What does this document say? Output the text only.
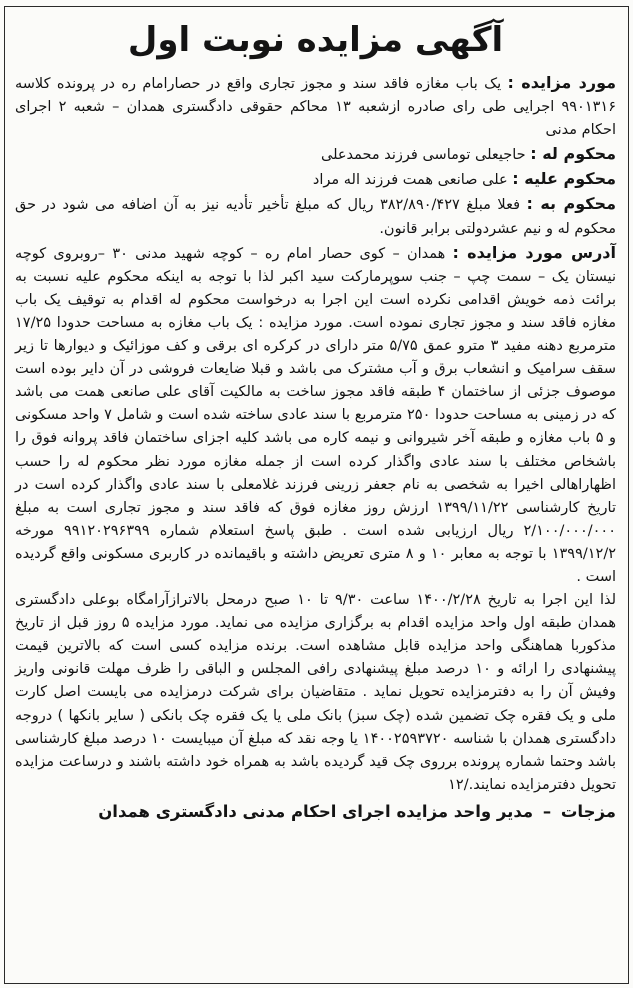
آگهی مزایده نوبت اول

مورد مزایده : یک باب مغازه فاقد سند و مجوز تجاری واقع در حصارامام ره در پرونده کلاسه ۹۹۰۱۳۱۶ اجرایی طی رای صادره ازشعبه ۱۳ محاکم حقوقی دادگستری همدان – شعبه ۲ اجرای احکام مدنی

محکوم له : حاجیعلی توماسی فرزند محمدعلی

محکوم علیه : علی صانعی همت فرزند اله مراد

محکوم به : فعلا مبلغ ۳۸۲/۸۹۰/۴۲۷ ریال که مبلغ تأخیر تأدیه نیز به آن اضافه می شود در حق محکوم له و نیم عشردولتی برابر قانون.

آدرس مورد مزایده : همدان – کوی حصار امام ره – کوچه شهید مدنی ۳۰ –روبروی کوچه نیستان یک – سمت چپ – جنب سوپرمارکت سید اکبر لذا با توجه به اینکه محکوم علیه نسبت به برائت ذمه خویش اقدامی نکرده است این اجرا به درخواست محکوم له اقدام به توقیف یک باب مغازه فاقد سند و مجوز تجاری نموده است. مورد مزایده : یک باب مغازه به مساحت حدودا ۱۷/۲۵ مترمربع دهنه مفید ۳ مترو عمق ۵/۷۵ متر دارای در کرکره ای برقی و کف موزائیک و دیوارها تا زیر سقف سرامیک و انشعاب برق و آب مشترک می باشد و قبلا ضایعات فروشی در آن دایر بوده است موصوف جزئی از ساختمان ۴ طبقه فاقد مجوز ساخت به مالکیت آقای علی صانعی همت می باشد که در زمینی به مساحت حدودا ۲۵۰ مترمربع با سند عادی ساخته شده است و شامل ۷ واحد مسکونی و ۵ باب مغازه و طبقه آخر شیروانی و نیمه کاره می باشد کلیه اجزای ساختمان فاقد پروانه فوق را باشخاص مختلف با سند عادی واگذار کرده است از جمله مغازه مورد نظر محکوم له را حسب اظهاراهالی اخیرا به شخصی به نام جعفر زرینی فرزند غلامعلی با سند عادی واگذار کرده است در تاریخ کارشناسی ۱۳۹۹/۱۱/۲۲ ارزش روز مغازه فوق که فاقد سند و مجوز تجاری است به مبلغ ۲/۱۰۰/۰۰۰/۰۰۰ ریال ارزیابی شده است . طبق پاسخ استعلام شماره ۹۹۱۲۰۲۹۶۳۹۹ مورخه ۱۳۹۹/۱۲/۲ با توجه به معابر ۱۰ و ۸ متری تعریض داشته و باقیمانده در کاربری مسکونی واقع گردیده است .

لذا این اجرا به تاریخ ۱۴۰۰/۲/۲۸ ساعت ۹/۳۰ تا ۱۰ صبح درمحل بالاترازآرامگاه بوعلی دادگستری همدان طبقه اول واحد مزایده اقدام به برگزاری مزایده می نماید. مورد مزایده ۵ روز قبل از تاریخ مذکوربا هماهنگی واحد مزایده قابل مشاهده است. برنده مزایده کسی است که بالاترین قیمت پیشنهادی را ارائه و ۱۰ درصد مبلغ پیشنهادی رافی المجلس و الباقی را ظرف مهلت قانونی واریز وفیش آن را به دفترمزایده تحویل نماید . متقاضیان برای شرکت درمزایده می بایست اصل کارت ملی و یک فقره چک تضمین شده (چک سبز) بانک ملی یا یک فقره چک بانکی ( سایر بانکها ) دروجه دادگستری همدان با شناسه ۱۴۰۰۲۵۹۳۷۲۰ یا وجه نقد که مبلغ آن میبایست ۱۰ درصد مبلغ کارشناسی باشد وحتما شماره پرونده برروی چک قید گردیده باشد به همراه خود داشته باشند و درساعت مزایده تحویل دفترمزایده نمایند./۱۲

مزجات – مدیر واحد مزایده اجرای احکام مدنی دادگستری همدان
